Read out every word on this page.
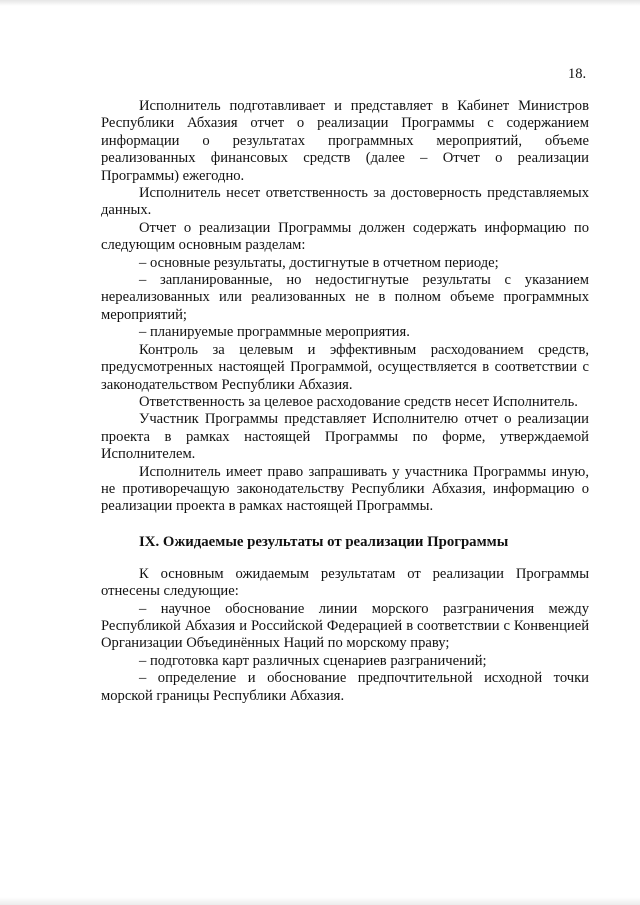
18.

Исполнитель подготавливает и представляет в Кабинет Министров Республики Абхазия отчет о реализации Программы с содержанием информации о результатах программных мероприятий, объеме реализованных финансовых средств (далее – Отчет о реализации Программы) ежегодно.

Исполнитель несет ответственность за достоверность представляемых данных.

Отчет о реализации Программы должен содержать информацию по следующим основным разделам:

– основные результаты, достигнутые в отчетном периоде;

– запланированные, но недостигнутые результаты с указанием нереализованных или реализованных не в полном объеме программных мероприятий;

– планируемые программные мероприятия.

Контроль за целевым и эффективным расходованием средств, предусмотренных настоящей Программой, осуществляется в соответствии с законодательством Республики Абхазия.

Ответственность за целевое расходование средств несет Исполнитель.

Участник Программы представляет Исполнителю отчет о реализации проекта в рамках настоящей Программы по форме, утверждаемой Исполнителем.

Исполнитель имеет право запрашивать у участника Программы иную, не противоречащую законодательству Республики Абхазия, информацию о реализации проекта в рамках настоящей Программы.

IX. Ожидаемые результаты от реализации Программы

К основным ожидаемым результатам от реализации Программы отнесены следующие:

– научное обоснование линии морского разграничения между Республикой Абхазия и Российской Федерацией в соответствии с Конвенцией Организации Объединённых Наций по морскому праву;

– подготовка карт различных сценариев разграничений;

– определение и обоснование предпочтительной исходной точки морской границы Республики Абхазия.
